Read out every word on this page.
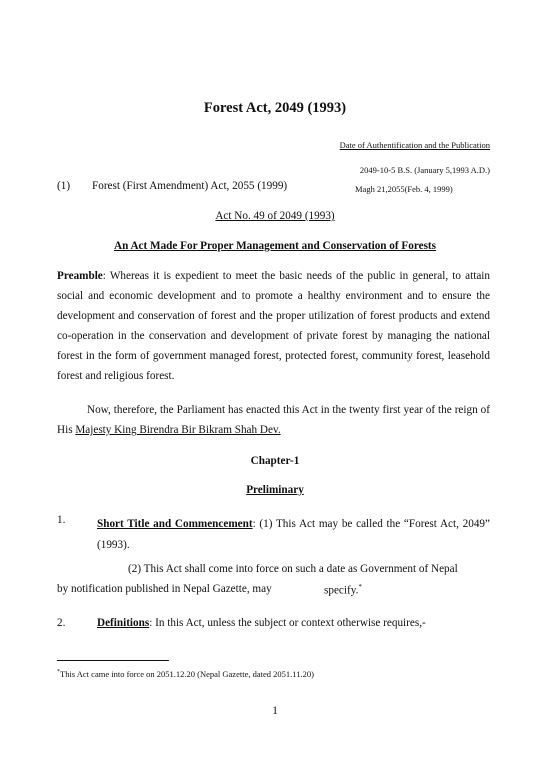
Forest Act, 2049 (1993)
Date of Authentification and the Publication
2049-10-5 B.S. (January 5,1993 A.D.)
(1) Forest (First Amendment) Act, 2055 (1999)	Magh 21,2055(Feb. 4, 1999)
Act No. 49 of 2049 (1993)
An Act Made For Proper Management and Conservation of Forests
Preamble: Whereas it is expedient to meet the basic needs of the public in general, to attain social and economic development and to promote a healthy environment and to ensure the development and conservation of forest and the proper utilization of forest products and extend co-operation in the conservation and development of private forest by managing the national forest in the form of government managed forest, protected forest, community forest, leasehold forest and religious forest.
Now, therefore, the Parliament has enacted this Act in the twenty first year of the reign of His Majesty King Birendra Bir Bikram Shah Dev.
Chapter-1
Preliminary
1.	Short Title and Commencement: (1) This Act may be called the “Forest Act, 2049” (1993).
(2) This Act shall come into force on such a date as Government of Nepal
by notification published in Nepal Gazette, may	specify.*
2.	Definitions: In this Act, unless the subject or context otherwise requires,-
*This Act came into force on 2051.12.20 (Nepal Gazette, dated 2051.11.20)
1
